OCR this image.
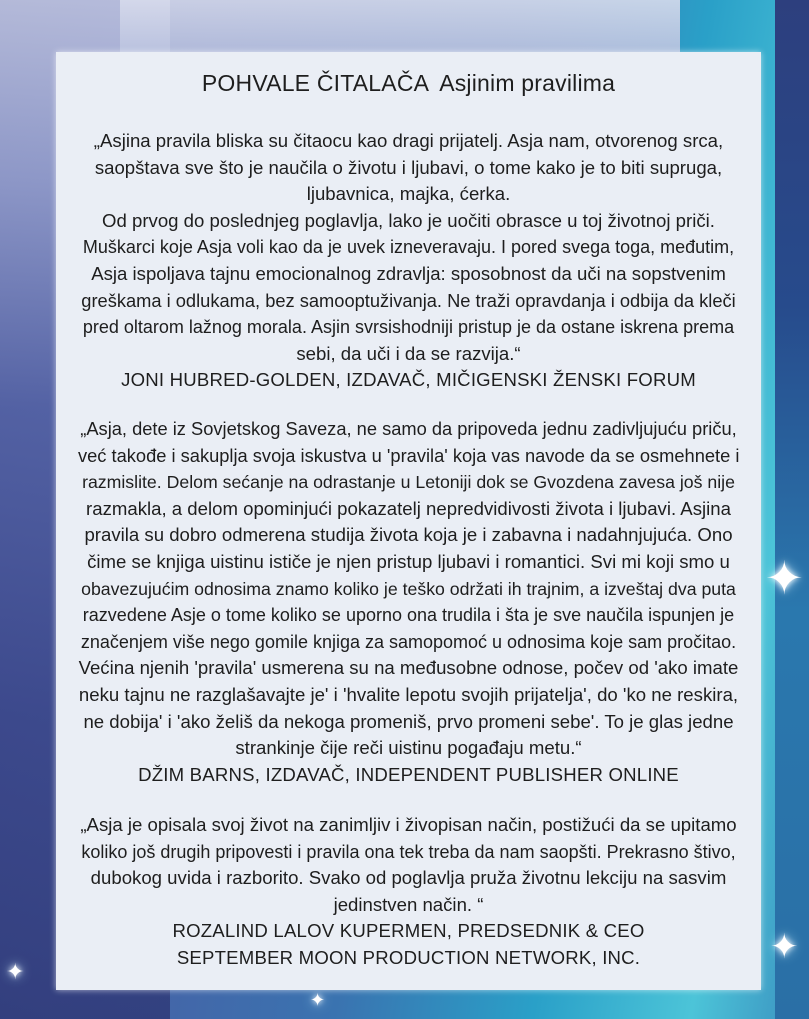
✦
✦
✦
✦
POHVALE ČITALAČA Asjinim pravilima
„Asjina pravila bliska su čitaocu kao dragi prijatelj. Asja nam, otvorenog srca,
saopštava sve što je naučila o životu i ljubavi, o tome kako je to biti supruga,
ljubavnica, majka, ćerka.
Od prvog do poslednjeg poglavlja, lako je uočiti obrasce u toj životnoj priči.
Muškarci koje Asja voli kao da je uvek izneveravaju. I pored svega toga, međutim,
Asja ispoljava tajnu emocionalnog zdravlja: sposobnost da uči na sopstvenim
greškama i odlukama, bez samooptuživanja. Ne traži opravdanja i odbija da kleči
pred oltarom lažnog morala. Asjin svrsishodniji pristup je da ostane iskrena prema
sebi, da uči i da se razvija.“
JONI HUBRED-GOLDEN, IZDAVAČ, MIČIGENSKI ŽENSKI FORUM
„Asja, dete iz Sovjetskog Saveza, ne samo da pripoveda jednu zadivljujuću priču,
već takođe i sakuplja svoja iskustva u 'pravila' koja vas navode da se osmehnete i
razmislite. Delom sećanje na odrastanje u Letoniji dok se Gvozdena zavesa još nije
razmakla, a delom opominjući pokazatelj nepredvidivosti života i ljubavi. Asjina
pravila su dobro odmerena studija života koja je i zabavna i nadahnjujuća. Ono
čime se knjiga uistinu ističe je njen pristup ljubavi i romantici. Svi mi koji smo u
obavezujućim odnosima znamo koliko je teško održati ih trajnim, a izveštaj dva puta
razvedene Asje o tome koliko se uporno ona trudila i šta je sve naučila ispunjen je
značenjem više nego gomile knjiga za samopomoć u odnosima koje sam pročitao.
Većina njenih 'pravila' usmerena su na međusobne odnose, počev od 'ako imate
neku tajnu ne razglašavajte je' i 'hvalite lepotu svojih prijatelja', do 'ko ne reskira,
ne dobija' i 'ako želiš da nekoga promeniš, prvo promeni sebe'. To je glas jedne
strankinje čije reči uistinu pogađaju metu.“
DŽIM BARNS, IZDAVAČ, INDEPENDENT PUBLISHER ONLINE
„Asja je opisala svoj život na zanimljiv i živopisan način, postižući da se upitamo
koliko još drugih pripovesti i pravila ona tek treba da nam saopšti. Prekrasno štivo,
dubokog uvida i razborito. Svako od poglavlja pruža životnu lekciju na sasvim
jedinstven način. “
ROZALIND LALOV KUPERMEN, PREDSEDNIK & CEO
SEPTEMBER MOON PRODUCTION NETWORK, INC.
